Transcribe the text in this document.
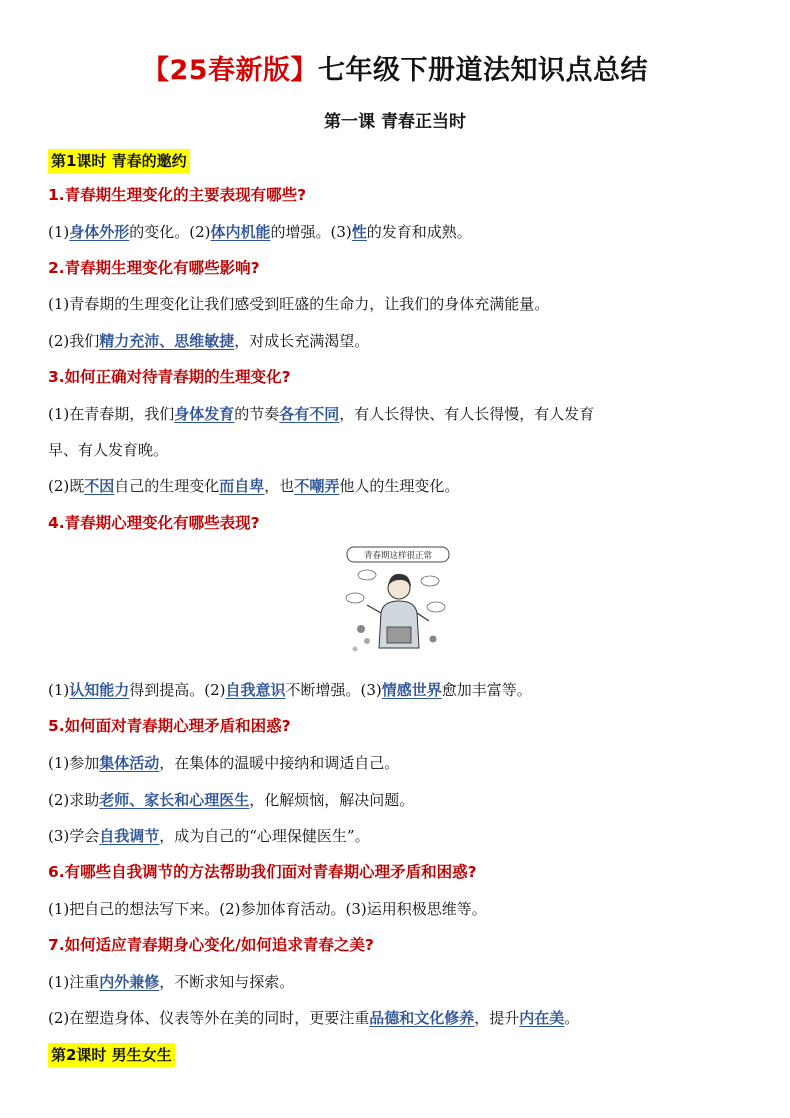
【25春新版】七年级下册道法知识点总结
第一课 青春正当时
第1课时 青春的邀约
1.青春期生理变化的主要表现有哪些?
(1)身体外形的变化。(2)体内机能的增强。(3)性的发育和成熟。
2.青春期生理变化有哪些影响?
(1)青春期的生理变化让我们感受到旺盛的生命力，让我们的身体充满能量。
(2)我们精力充沛、思维敏捷，对成长充满渴望。
3.如何正确对待青春期的生理变化?
(1)在青春期，我们身体发育的节奏各有不同，有人长得快、有人长得慢，有人发育
早、有人发育晚。
(2)既不因自己的生理变化而自卑，也不嘲弄他人的生理变化。
4.青春期心理变化有哪些表现?
青春期这样很正常
(1)认知能力得到提高。(2)自我意识不断增强。(3)情感世界愈加丰富等。
5.如何面对青春期心理矛盾和困惑?
(1)参加集体活动，在集体的温暖中接纳和调适自己。
(2)求助老师、家长和心理医生，化解烦恼，解决问题。
(3)学会自我调节，成为自己的“心理保健医生”。
6.有哪些自我调节的方法帮助我们面对青春期心理矛盾和困惑?
(1)把自己的想法写下来。(2)参加体育活动。(3)运用积极思维等。
7.如何适应青春期身心变化/如何追求青春之美?
(1)注重内外兼修，不断求知与探索。
(2)在塑造身体、仪表等外在美的同时，更要注重品德和文化修养，提升内在美。
第2课时 男生女生
